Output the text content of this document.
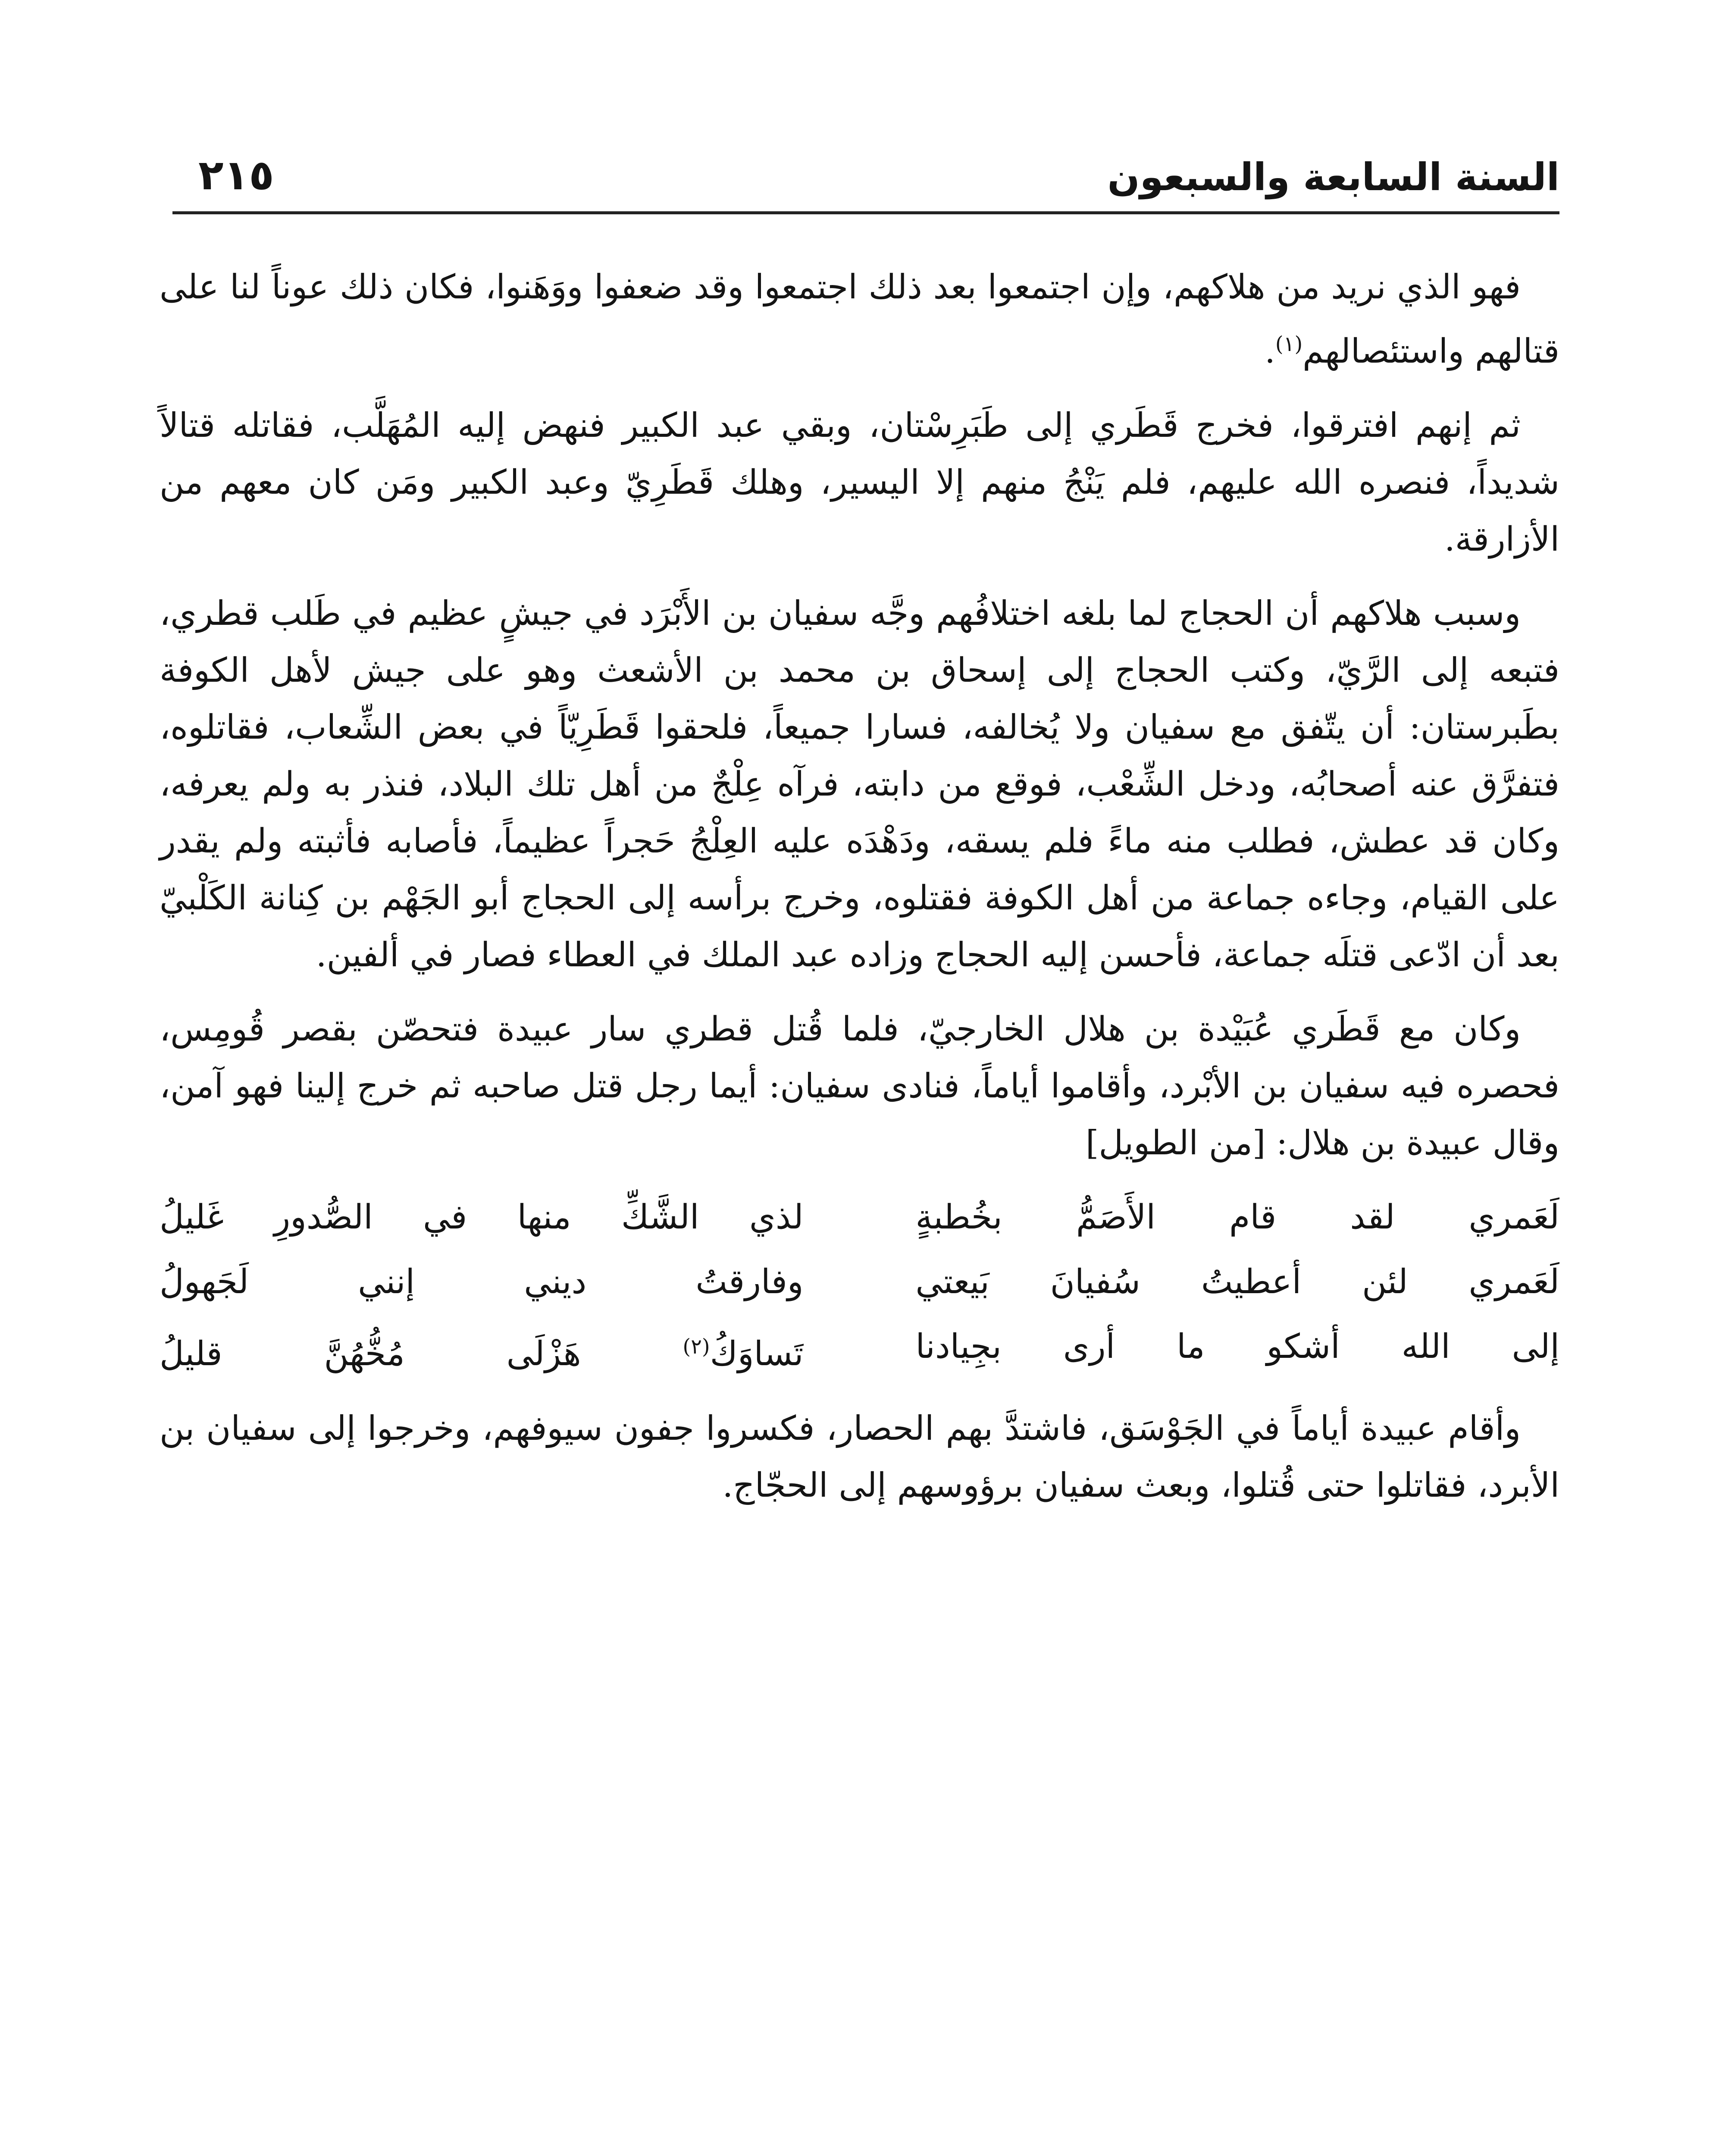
السنة السابعة والسبعون
٢١٥

فهو الذي نريد من هلاكهم، وإن اجتمعوا بعد ذلك اجتمعوا وقد ضعفوا ووَهَنوا، فكان ذلك عوناً لنا على قتالهم واستئصالهم$^{(١)}$.

ثم إنهم افترقوا، فخرج قَطَري إلى طَبَرِسْتان، وبقي عبد الكبير فنهض إليه المُهَلَّب، فقاتله قتالاً شديداً، فنصره الله عليهم، فلم يَنْجُ منهم إلا اليسير، وهلك قَطَرِيّ وعبد الكبير ومَن كان معهم من الأزارقة.

وسبب هلاكهم أن الحجاج لما بلغه اختلافُهم وجَّه سفيان بن الأَبْرَد في جيشٍ عظيم في طَلب قطري، فتبعه إلى الرَّيّ، وكتب الحجاج إلى إسحاق بن محمد بن الأشعث وهو على جيش لأهل الكوفة بطَبرستان: أن يتّفق مع سفيان ولا يُخالفه، فسارا جميعاً، فلحقوا قَطَرِيّاً في بعض الشِّعاب، فقاتلوه، فتفرَّق عنه أصحابُه، ودخل الشِّعْب، فوقع من دابته، فرآه عِلْجٌ من أهل تلك البلاد، فنذر به ولم يعرفه، وكان قد عطش، فطلب منه ماءً فلم يسقه، ودَهْدَه عليه العِلْجُ حَجراً عظيماً، فأصابه فأثبته ولم يقدر على القيام، وجاءه جماعة من أهل الكوفة فقتلوه، وخرج برأسه إلى الحجاج أبو الجَهْم بن كِنانة الكَلْبيّ بعد أن ادّعى قتلَه جماعة، فأحسن إليه الحجاج وزاده عبد الملك في العطاء فصار في ألفين.

وكان مع قَطَري عُبَيْدة بن هلال الخارجيّ، فلما قُتل قطري سار عبيدة فتحصّن بقصر قُومِس، فحصره فيه سفيان بن الأبْرد، وأقاموا أياماً، فنادى سفيان: أيما رجل قتل صاحبه ثم خرج إلينا فهو آمن، وقال عبيدة بن هلال: [من الطويل]

لَعَمري لقد قام الأَصَمُّ بخُطبةٍ
لذي الشَّكِّ منها في الصُّدورِ غَليلُ
لَعَمري لئن أعطيتُ سُفيانَ بَيعتي
وفارقتُ ديني إنني لَجَهولُ
إلى الله أشكو ما أرى بجِيادنا
تَساوَكُ$^{(٢)}$ هَزْلَى مُخُّهُنَّ قليلُ

وأقام عبيدة أياماً في الجَوْسَق، فاشتدَّ بهم الحصار، فكسروا جفون سيوفهم، وخرجوا إلى سفيان بن الأبرد، فقاتلوا حتى قُتلوا، وبعث سفيان برؤوسهم إلى الحجّاج.
